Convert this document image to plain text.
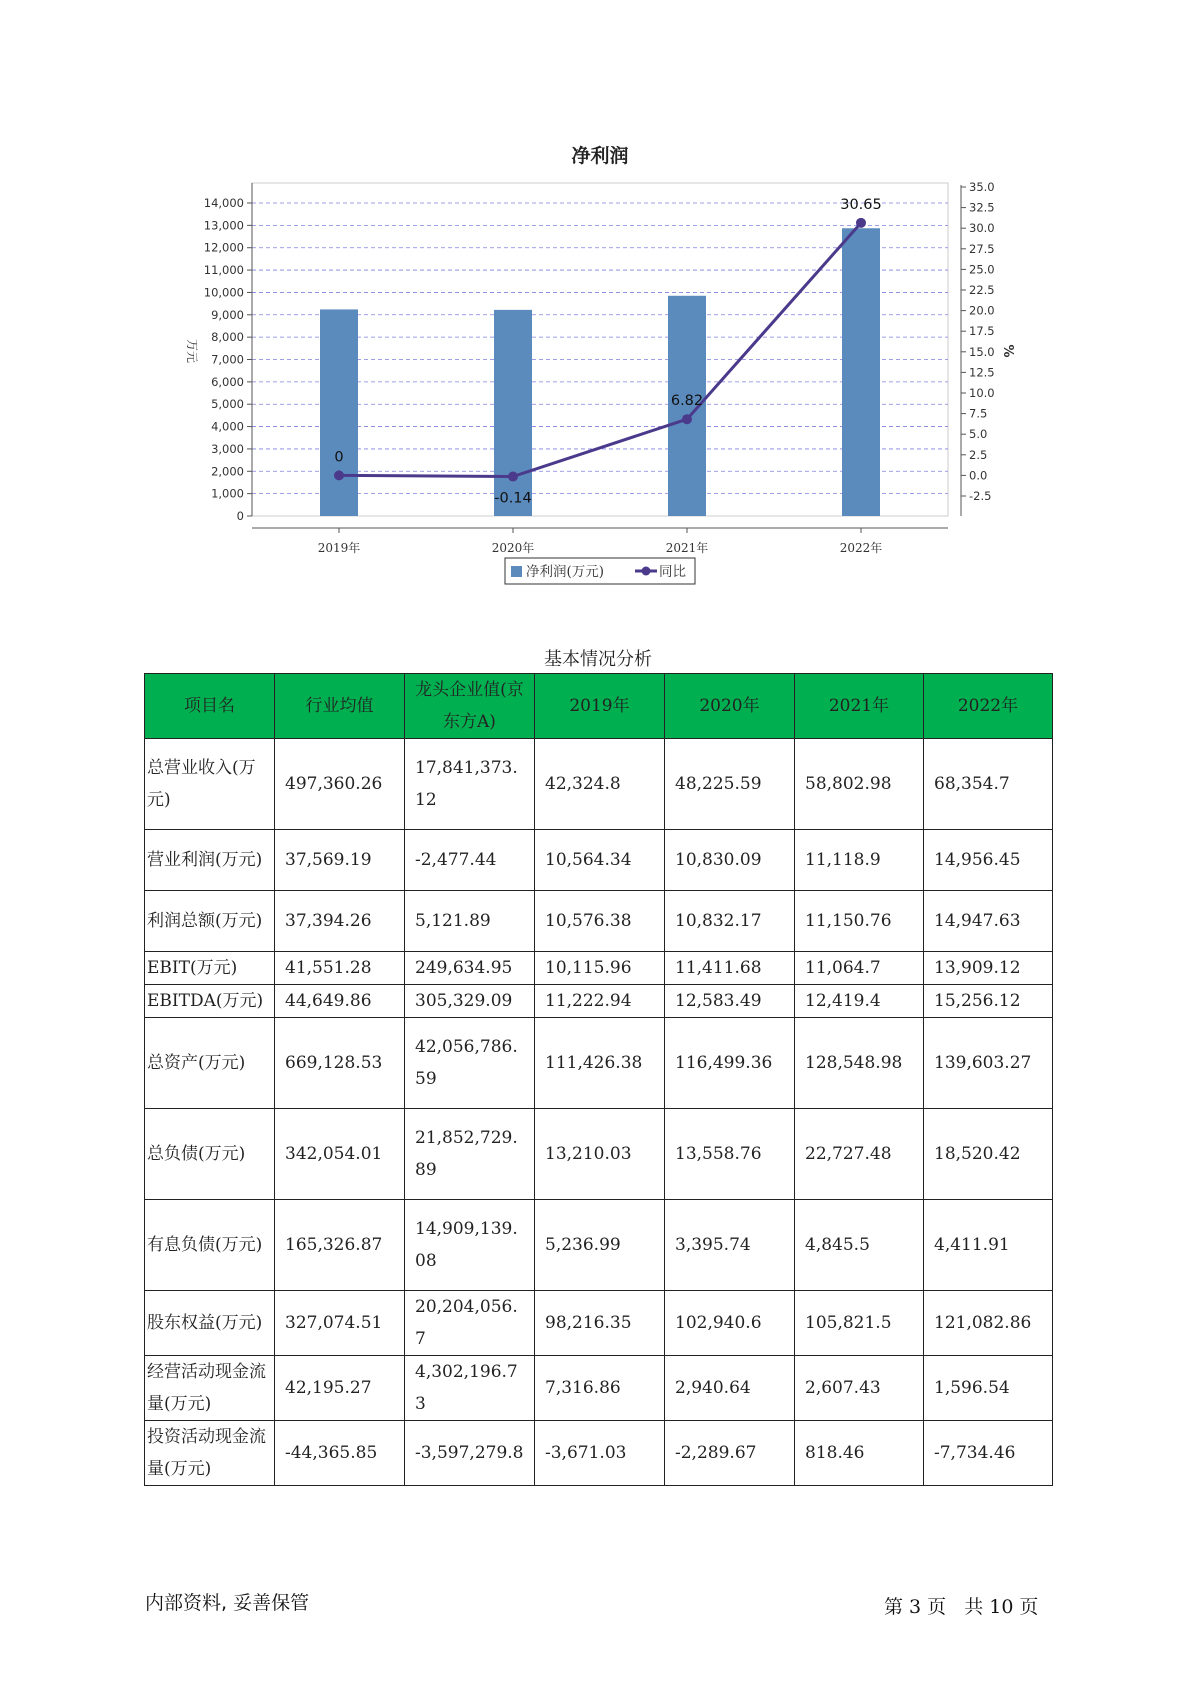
净利润
0
1,000
2,000
3,000
4,000
5,000
6,000
7,000
8,000
9,000
10,000
11,000
12,000
13,000
14,000
万元
-2.5
0.0
2.5
5.0
7.5
10.0
12.5
15.0
17.5
20.0
22.5
25.0
27.5
30.0
32.5
35.0
%
2019年	2020年	2021年	2022年
0
-0.14
6.82
30.65
净利润(万元)	同比
基本情况分析
项目名	行业均值	龙头企业值(京东方A)	2019年	2020年	2021年	2022年
总营业收入(万元)	497,360.26	17,841,373.12	42,324.8	48,225.59	58,802.98	68,354.7
营业利润(万元)	37,569.19	-2,477.44	10,564.34	10,830.09	11,118.9	14,956.45
利润总额(万元)	37,394.26	5,121.89	10,576.38	10,832.17	11,150.76	14,947.63
EBIT(万元)	41,551.28	249,634.95	10,115.96	11,411.68	11,064.7	13,909.12
EBITDA(万元)	44,649.86	305,329.09	11,222.94	12,583.49	12,419.4	15,256.12
总资产(万元)	669,128.53	42,056,786.59	111,426.38	116,499.36	128,548.98	139,603.27
总负债(万元)	342,054.01	21,852,729.89	13,210.03	13,558.76	22,727.48	18,520.42
有息负债(万元)	165,326.87	14,909,139.08	5,236.99	3,395.74	4,845.5	4,411.91
股东权益(万元)	327,074.51	20,204,056.7	98,216.35	102,940.6	105,821.5	121,082.86
经营活动现金流量(万元)	42,195.27	4,302,196.73	7,316.86	2,940.64	2,607.43	1,596.54
投资活动现金流量(万元)	-44,365.85	-3,597,279.8	-3,671.03	-2,289.67	818.46	-7,734.46
内部资料, 妥善保管	第 3 页 共 10 页
